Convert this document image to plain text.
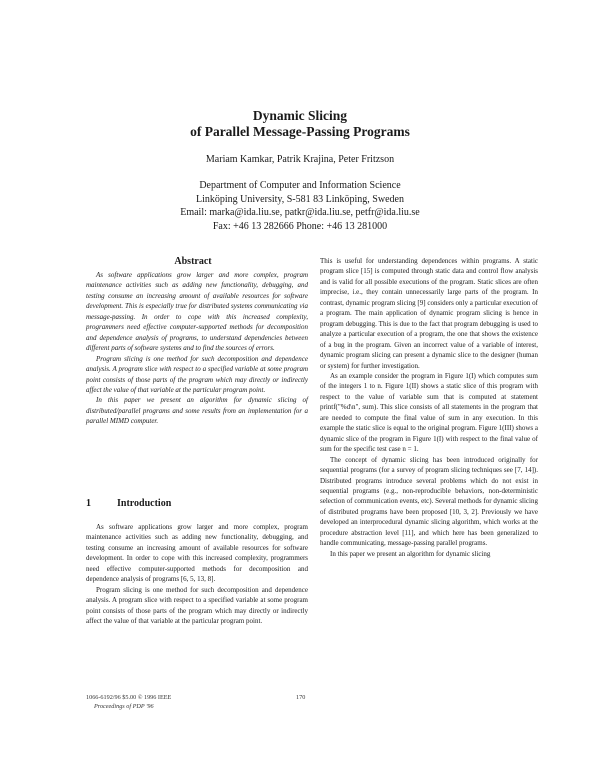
Dynamic Slicing
of Parallel Message-Passing Programs
Mariam Kamkar, Patrik Krajina, Peter Fritzson
Department of Computer and Information Science
Linköping University, S-581 83 Linköping, Sweden
Email: marka@ida.liu.se, patkr@ida.liu.se, petfr@ida.liu.se
Fax: +46 13 282666 Phone: +46 13 281000
Abstract

As software applications grow larger and more complex, program maintenance activities such as adding new functionality, debugging, and testing consume an increasing amount of available resources for software development. This is especially true for distributed systems communicating via message-passing. In order to cope with this increased complexity, programmers need effective computer-supported methods for decomposition and dependence analysis of programs, to understand dependencies between different parts of software systems and to find the sources of errors.

Program slicing is one method for such decomposition and dependence analysis. A program slice with respect to a specified variable at some program point consists of those parts of the program which may directly or indirectly affect the value of that variable at the particular program point.

In this paper we present an algorithm for dynamic slicing of distributed/parallel programs and some results from an implementation for a parallel MIMD computer.

1	Introduction

As software applications grow larger and more complex, program maintenance activities such as adding new functionality, debugging, and testing consume an increasing amount of available resources for software development. In order to cope with this increased complexity, programmers need effective computer-supported methods for decomposition and dependence analysis of programs [6, 5, 13, 8].

Program slicing is one method for such decomposition and dependence analysis. A program slice with respect to a specified variable at some program point consists of those parts of the program which may directly or indirectly affect the value of that variable at the particular program point.

This is useful for understanding dependences within programs. A static program slice [15] is computed through static data and control flow analysis and is valid for all possible executions of the program. Static slices are often imprecise, i.e., they contain unnecessarily large parts of the program. In contrast, dynamic program slicing [9] considers only a particular execution of a program. The main application of dynamic program slicing is hence in program debugging. This is due to the fact that program debugging is used to analyze a particular execution of a program, the one that shows the existence of a bug in the program. Given an incorrect value of a variable of interest, dynamic program slicing can present a dynamic slice to the designer (human or system) for further investigation.

As an example consider the program in Figure 1(I) which computes sum of the integers 1 to n. Figure 1(II) shows a static slice of this program with respect to the value of variable sum that is computed at statement printf("%d\n", sum). This slice consists of all statements in the program that are needed to compute the final value of sum in any execution. In this example the static slice is equal to the original program. Figure 1(III) shows a dynamic slice of the program in Figure 1(I) with respect to the final value of sum for the specific test case n = 1.

The concept of dynamic slicing has been introduced originally for sequential programs (for a survey of program slicing techniques see [7, 14]). Distributed programs introduce several problems which do not exist in sequential programs (e.g., non-reproducible behaviors, non-deterministic selection of communication events, etc). Several methods for dynamic slicing of distributed programs have been proposed [10, 3, 2]. Previously we have developed an interprocedural dynamic slicing algorithm, which works at the procedure abstraction level [11], and which here has been generalized to handle communicating, message-passing parallel programs.

In this paper we present an algorithm for dynamic slicing

1066-6192/96 $5.00 © 1996 IEEE
Proceedings of PDP '96
170
